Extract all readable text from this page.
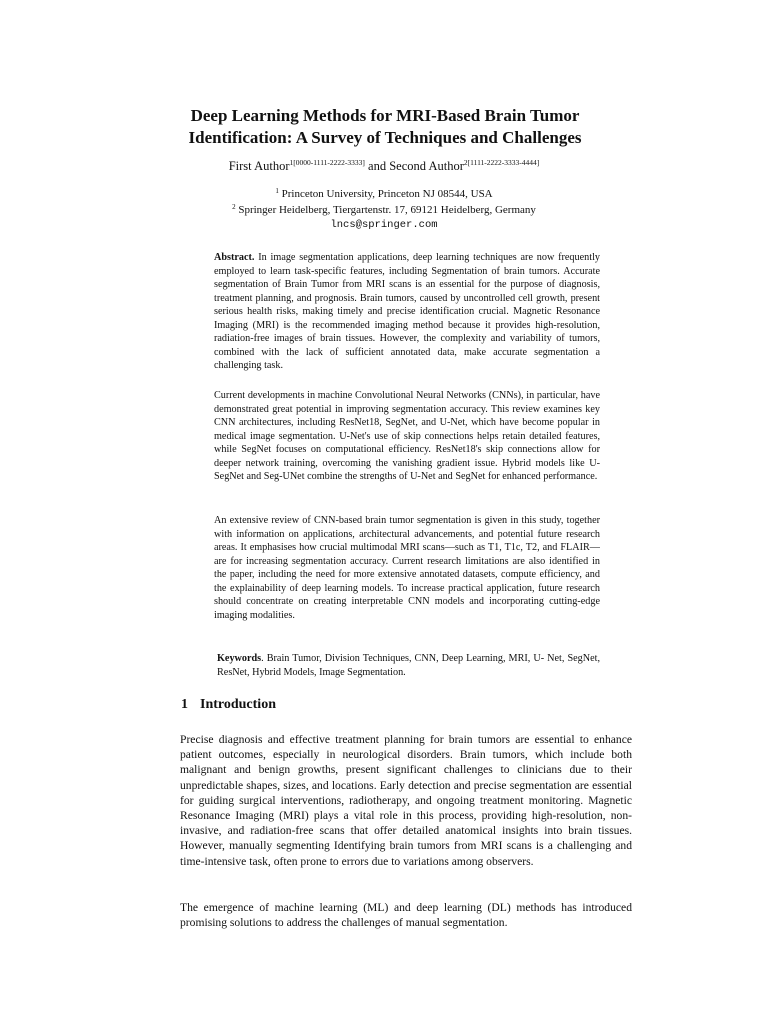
Deep Learning Methods for MRI-Based Brain Tumor
Identification: A Survey of Techniques and Challenges
First Author$^{1[0000-1111-2222-3333]}$ and Second Author$^{2[1111-2222-3333-4444]}$
$^1$ Princeton University, Princeton NJ 08544, USA
$^2$ Springer Heidelberg, Tiergartenstr. 17, 69121 Heidelberg, Germany
lncs@springer.com
Abstract. In image segmentation applications, deep learning techniques are now frequently employed to learn task-specific features, including Segmentation of brain tumors. Accurate segmentation of Brain Tumor from MRI scans is an essential for the purpose of diagnosis, treatment planning, and prognosis. Brain tumors, caused by uncontrolled cell growth, present serious health risks, making timely and precise identification crucial. Magnetic Resonance Imaging (MRI) is the recommended imaging method because it provides high-resolution, radiation-free images of brain tissues. However, the complexity and variability of tumors, combined with the lack of sufficient annotated data, make accurate segmentation a challenging task.
Current developments in machine Convolutional Neural Networks (CNNs), in particular, have demonstrated great potential in improving segmentation accuracy. This review examines key CNN architectures, including ResNet18, SegNet, and U-Net, which have become popular in medical image segmentation. U-Net's use of skip connections helps retain detailed features, while SegNet focuses on computational efficiency. ResNet18's skip connections allow for deeper network training, overcoming the vanishing gradient issue. Hybrid models like U-SegNet and Seg-UNet combine the strengths of U-Net and SegNet for enhanced performance.
An extensive review of CNN-based brain tumor segmentation is given in this study, together with information on applications, architectural advancements, and potential future research areas. It emphasises how crucial multimodal MRI scans—such as T1, T1c, T2, and FLAIR—are for increasing segmentation accuracy. Current research limitations are also identified in the paper, including the need for more extensive annotated datasets, compute efficiency, and the explainability of deep learning models. To increase practical application, future research should concentrate on creating interpretable CNN models and incorporating cutting-edge imaging modalities.
Keywords. Brain Tumor, Division Techniques, CNN, Deep Learning, MRI, U- Net, SegNet, ResNet, Hybrid Models, Image Segmentation.
1 Introduction
Precise diagnosis and effective treatment planning for brain tumors are essential to enhance patient outcomes, especially in neurological disorders. Brain tumors, which include both malignant and benign growths, present significant challenges to clinicians due to their unpredictable shapes, sizes, and locations. Early detection and precise segmentation are essential for guiding surgical interventions, radiotherapy, and ongoing treatment monitoring. Magnetic Resonance Imaging (MRI) plays a vital role in this process, providing high-resolution, non-invasive, and radiation-free scans that offer detailed anatomical insights into brain tissues. However, manually segmenting Identifying brain tumors from MRI scans is a challenging and time-intensive task, often prone to errors due to variations among observers.
The emergence of machine learning (ML) and deep learning (DL) methods has introduced promising solutions to address the challenges of manual segmentation.
